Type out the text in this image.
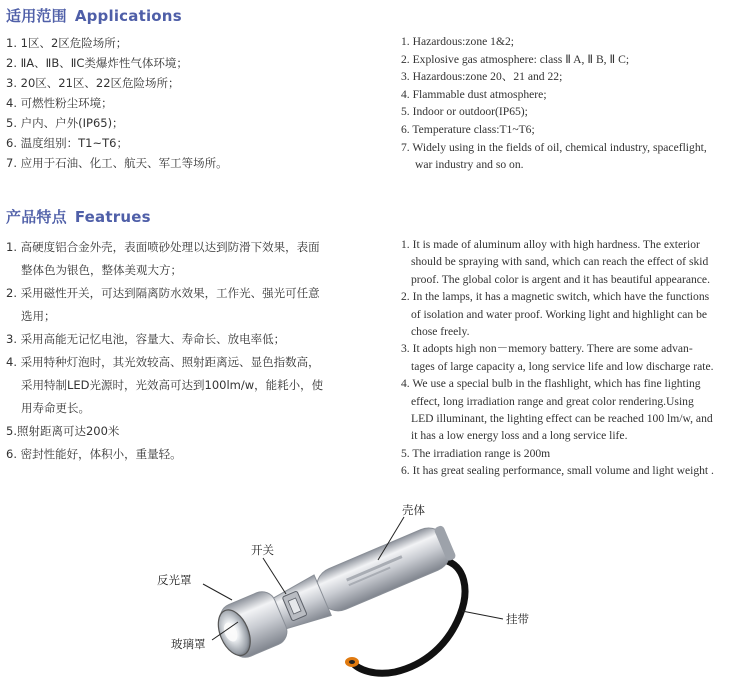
适用范围 Applications
1. 1区、2区危险场所；
2. ⅡA、ⅡB、ⅡC类爆炸性气体环境；
3. 20区、21区、22区危险场所；
4. 可燃性粉尘环境；
5. 户内、户外(IP65)；
6. 温度组别：T1~T6；
7. 应用于石油、化工、航天、军工等场所。
1. Hazardous:zone 1&2;
2. Explosive gas atmosphere: class Ⅱ A, Ⅱ B, Ⅱ C;
3. Hazardous:zone 20、21 and 22;
4. Flammable dust atmosphere;
5. Indoor or outdoor(IP65);
6. Temperature class:T1~T6;
7. Widely using in the fields of oil, chemical industry, spaceflight,
war industry and so on.
产品特点 Featrues
1. 高硬度铝合金外壳，表面喷砂处理以达到防滑下效果，表面
整体色为银色，整体美观大方；
2. 采用磁性开关，可达到隔离防水效果，工作光、强光可任意
选用；
3. 采用高能无记忆电池，容量大、寿命长、放电率低；
4. 采用特种灯泡时，其光效较高、照射距离远、显色指数高，
采用特制LED光源时，光效高可达到100lm/w，能耗小，使
用寿命更长。
5.照射距离可达200米
6. 密封性能好，体积小，重量轻。
1. It is made of aluminum alloy with high hardness. The exterior
should be spraying with sand, which can reach the effect of skid
proof. The global color is argent and it has beautiful appearance.
2. In the lamps, it has a magnetic switch, which have the functions
of isolation and water proof. Working light and highlight can be
chose freely.
3. It adopts high non－memory battery. There are some advan-
tages of large capacity a, long service life and low discharge rate.
4. We use a special bulb in the flashlight, which has fine lighting
effect, long irradiation range and great color rendering.Using
LED illuminant, the lighting effect can be reached 100 lm/w, and
it has a low energy loss and a long service life.
5. The irradiation range is 200m
6. It has great sealing performance, small volume and light weight .
壳体
开关
反光罩
玻璃罩
挂带
